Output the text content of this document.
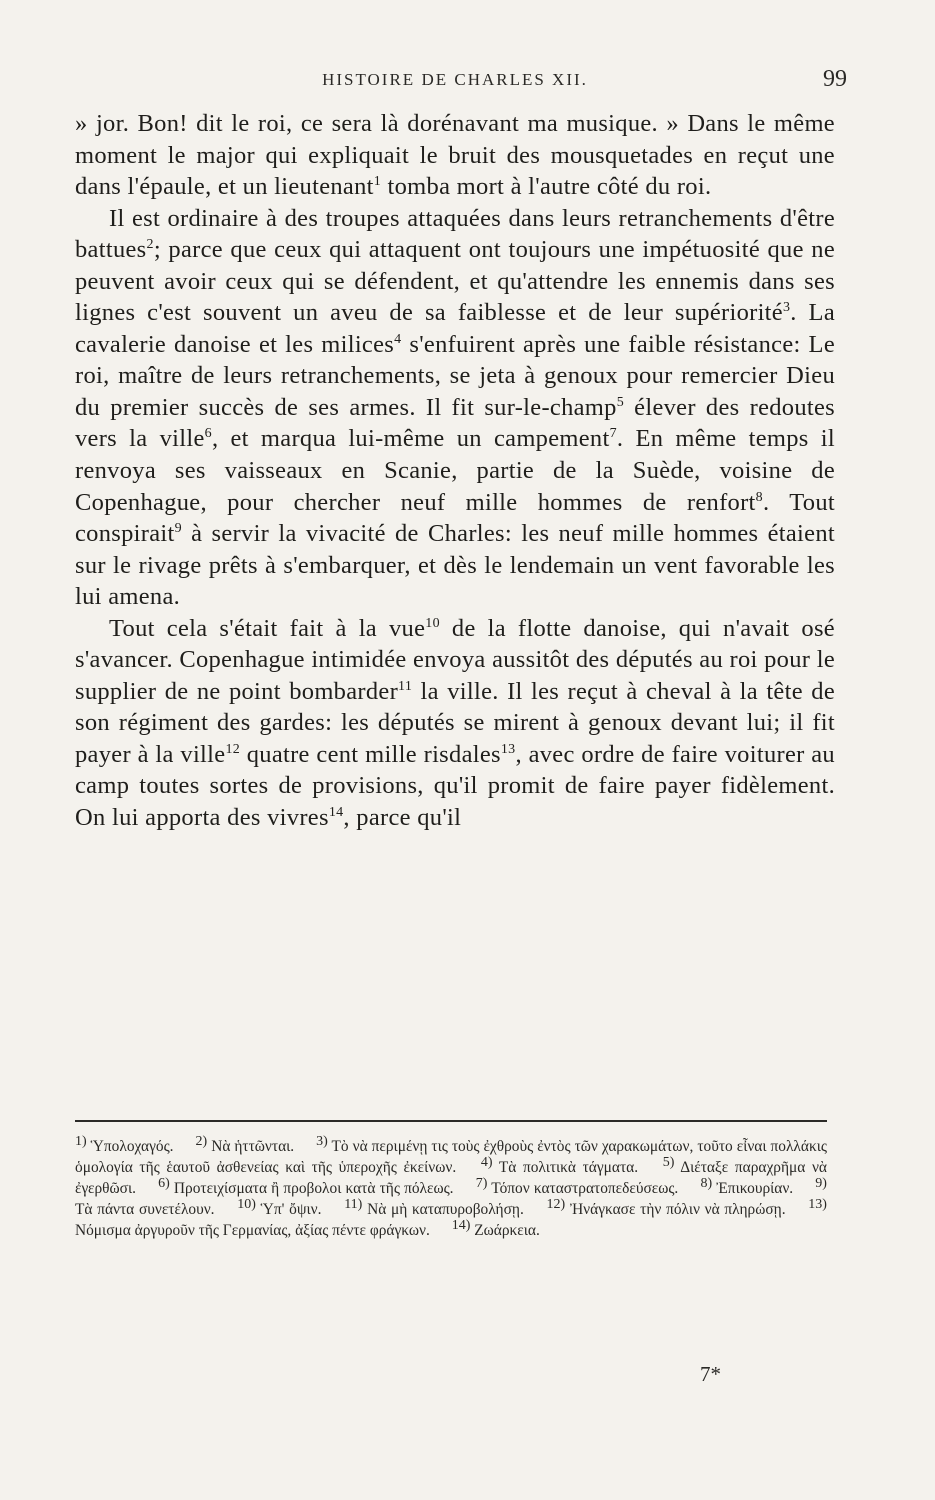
HISTOIRE DE CHARLES XII.	99

» jor. Bon! dit le roi, ce sera là dorénavant ma musique. » Dans le même moment le major qui expliquait le bruit des mousquetades en reçut une dans l'épaule, et un lieutenant$^1$ tomba mort à l'autre côté du roi.

Il est ordinaire à des troupes attaquées dans leurs retranchements d'être battues$^2$; parce que ceux qui attaquent ont toujours une impétuosité que ne peuvent avoir ceux qui se défendent, et qu'attendre les ennemis dans ses lignes c'est souvent un aveu de sa faiblesse et de leur supériorité$^3$. La cavalerie danoise et les milices$^4$ s'enfuirent après une faible résistance: Le roi, maître de leurs retranchements, se jeta à genoux pour remercier Dieu du premier succès de ses armes. Il fit sur-le-champ$^5$ élever des redoutes vers la ville$^6$, et marqua lui-même un campement$^7$. En même temps il renvoya ses vaisseaux en Scanie, partie de la Suède, voisine de Copenhague, pour chercher neuf mille hommes de renfort$^8$. Tout conspirait$^9$ à servir la vivacité de Charles: les neuf mille hommes étaient sur le rivage prêts à s'embarquer, et dès le lendemain un vent favorable les lui amena.

Tout cela s'était fait à la vue$^{10}$ de la flotte danoise, qui n'avait osé s'avancer. Copenhague intimidée envoya aussitôt des députés au roi pour le supplier de ne point bombarder$^{11}$ la ville. Il les reçut à cheval à la tête de son régiment des gardes: les députés se mirent à genoux devant lui; il fit payer à la ville$^{12}$ quatre cent mille risdales$^{13}$, avec ordre de faire voiturer au camp toutes sortes de provisions, qu'il promit de faire payer fidèlement. On lui apporta des vivres$^{14}$, parce qu'il

$^{1)}$ Ὑπολοχαγός. $^{2)}$ Νὰ ἡττῶνται. $^{3)}$ Τὸ νὰ περιμένῃ τις τοὺς ἐχθροὺς ἐντὸς τῶν χαρακωμάτων, τοῦτο εἶναι πολλάκις ὁμολογία τῆς ἑαυτοῦ ἀσθενείας καὶ τῆς ὑπεροχῆς ἐκείνων. $^{4)}$ Τὰ πολιτικὰ τάγματα. $^{5)}$ Διέταξε παραχρῆμα νὰ ἐγερθῶσι. $^{6)}$ Προτειχίσματα ἢ προβολοι κατὰ τῆς πόλεως. $^{7)}$ Τόπον καταστρατοπεδεύσεως. $^{8)}$ Ἐπικουρίαν. $^{9)}$ Τὰ πάντα συνετέλουν. $^{10)}$ Ὑπ' ὄψιν. $^{11)}$ Νὰ μὴ καταπυροβολήσῃ. $^{12)}$ Ἠνάγκασε τὴν πόλιν νὰ πληρώσῃ. $^{13)}$ Νόμισμα ἀργυροῦν τῆς Γερμανίας, ἀξίας πέντε φράγκων. $^{14)}$ Ζωάρκεια.

7*
